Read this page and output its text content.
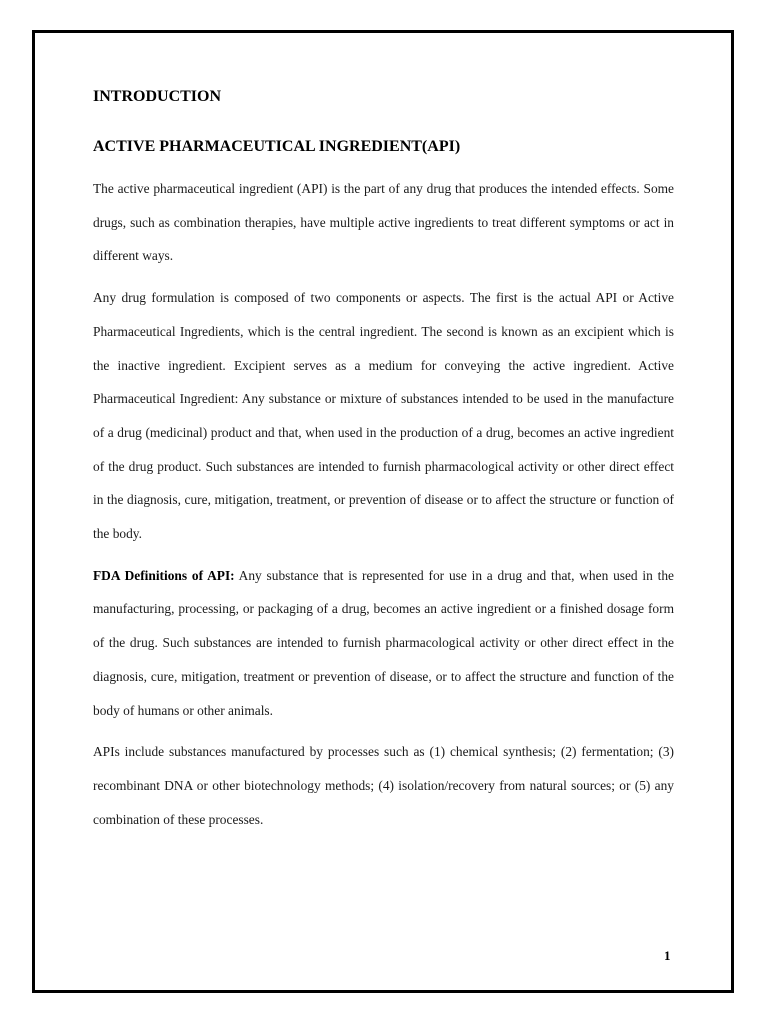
INTRODUCTION
ACTIVE PHARMACEUTICAL INGREDIENT(API)

The active pharmaceutical ingredient (API) is the part of any drug that produces the intended effects. Some drugs, such as combination therapies, have multiple active ingredients to treat different symptoms or act in different ways.

Any drug formulation is composed of two components or aspects. The first is the actual API or Active Pharmaceutical Ingredients, which is the central ingredient. The second is known as an excipient which is the inactive ingredient. Excipient serves as a medium for conveying the active ingredient. Active Pharmaceutical Ingredient: Any substance or mixture of substances intended to be used in the manufacture of a drug (medicinal) product and that, when used in the production of a drug, becomes an active ingredient of the drug product. Such substances are intended to furnish pharmacological activity or other direct effect in the diagnosis, cure, mitigation, treatment, or prevention of disease or to affect the structure or function of the body.

FDA Definitions of API: Any substance that is represented for use in a drug and that, when used in the manufacturing, processing, or packaging of a drug, becomes an active ingredient or a finished dosage form of the drug. Such substances are intended to furnish pharmacological activity or other direct effect in the diagnosis, cure, mitigation, treatment or prevention of disease, or to affect the structure and function of the body of humans or other animals.

APIs include substances manufactured by processes such as (1) chemical synthesis; (2) fermentation; (3) recombinant DNA or other biotechnology methods; (4) isolation/recovery from natural sources; or (5) any combination of these processes.

1
